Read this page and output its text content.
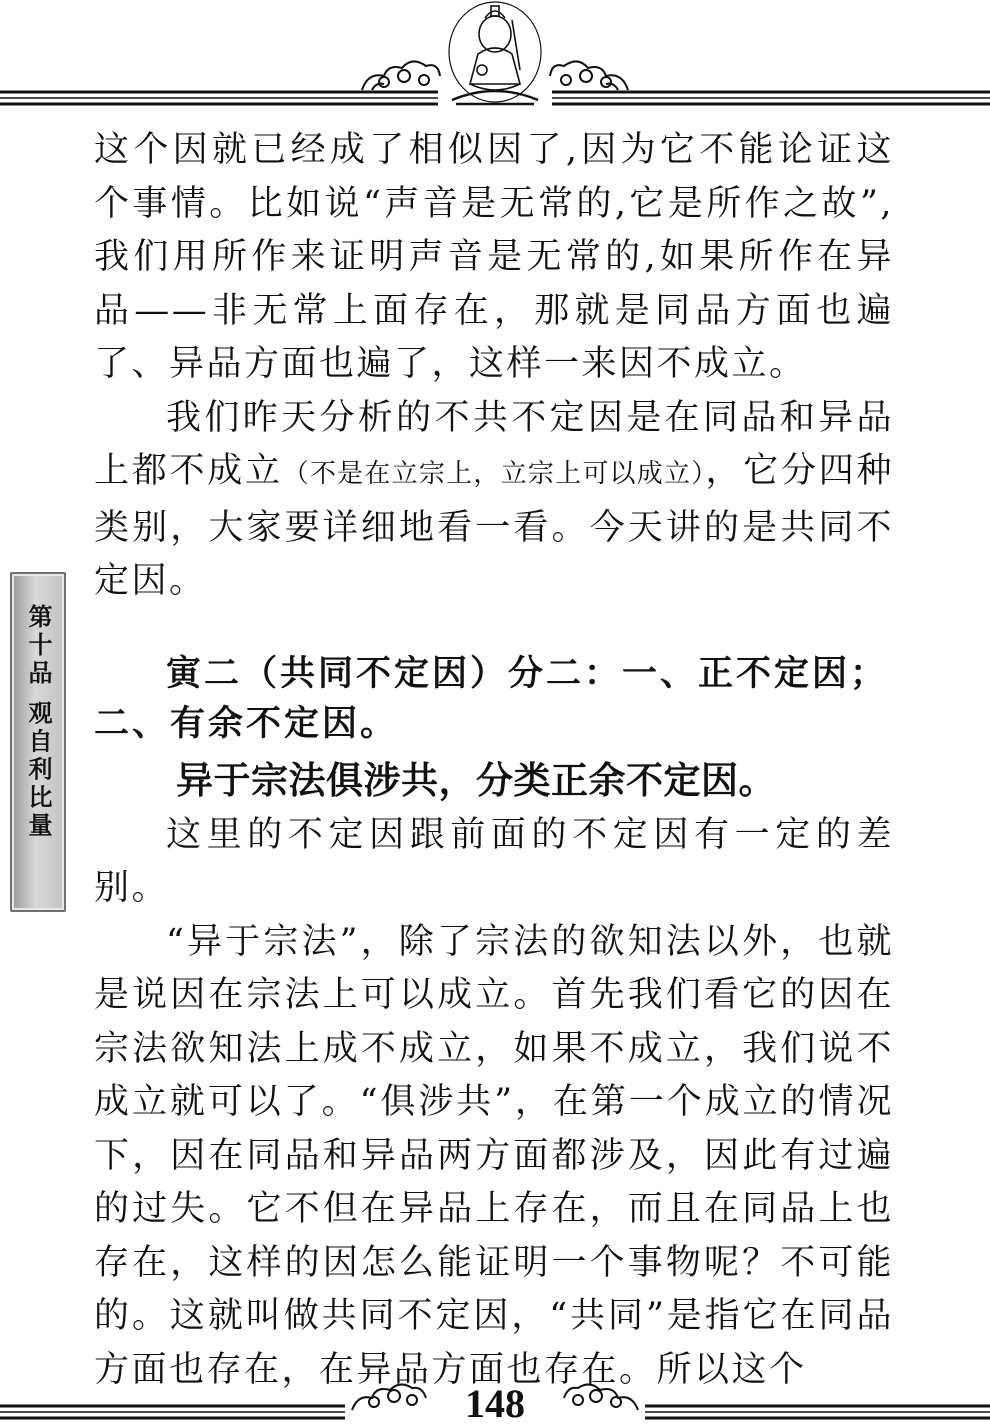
第十品 观自利比量

这个因就已经成了相似因了,因为它不能论证这个事情。比如说“声音是无常的,它是所作之故”,我们用所作来证明声音是无常的,如果所作在异品——非无常上面存在，那就是同品方面也遍了、异品方面也遍了，这样一来因不成立。

我们昨天分析的不共不定因是在同品和异品上都不成立（不是在立宗上，立宗上可以成立），它分四种类别，大家要详细地看一看。今天讲的是共同不定因。

寅二（共同不定因）分二：一、正不定因；二、有余不定因。

异于宗法俱涉共，分类正余不定因。

这里的不定因跟前面的不定因有一定的差别。

“异于宗法”，除了宗法的欲知法以外，也就是说因在宗法上可以成立。首先我们看它的因在宗法欲知法上成不成立，如果不成立，我们说不成立就可以了。“俱涉共”，在第一个成立的情况下，因在同品和异品两方面都涉及，因此有过遍的过失。它不但在异品上存在，而且在同品上也存在，这样的因怎么能证明一个事物呢？不可能的。这就叫做共同不定因，“共同”是指它在同品方面也存在，在异品方面也存在。所以这个

148
